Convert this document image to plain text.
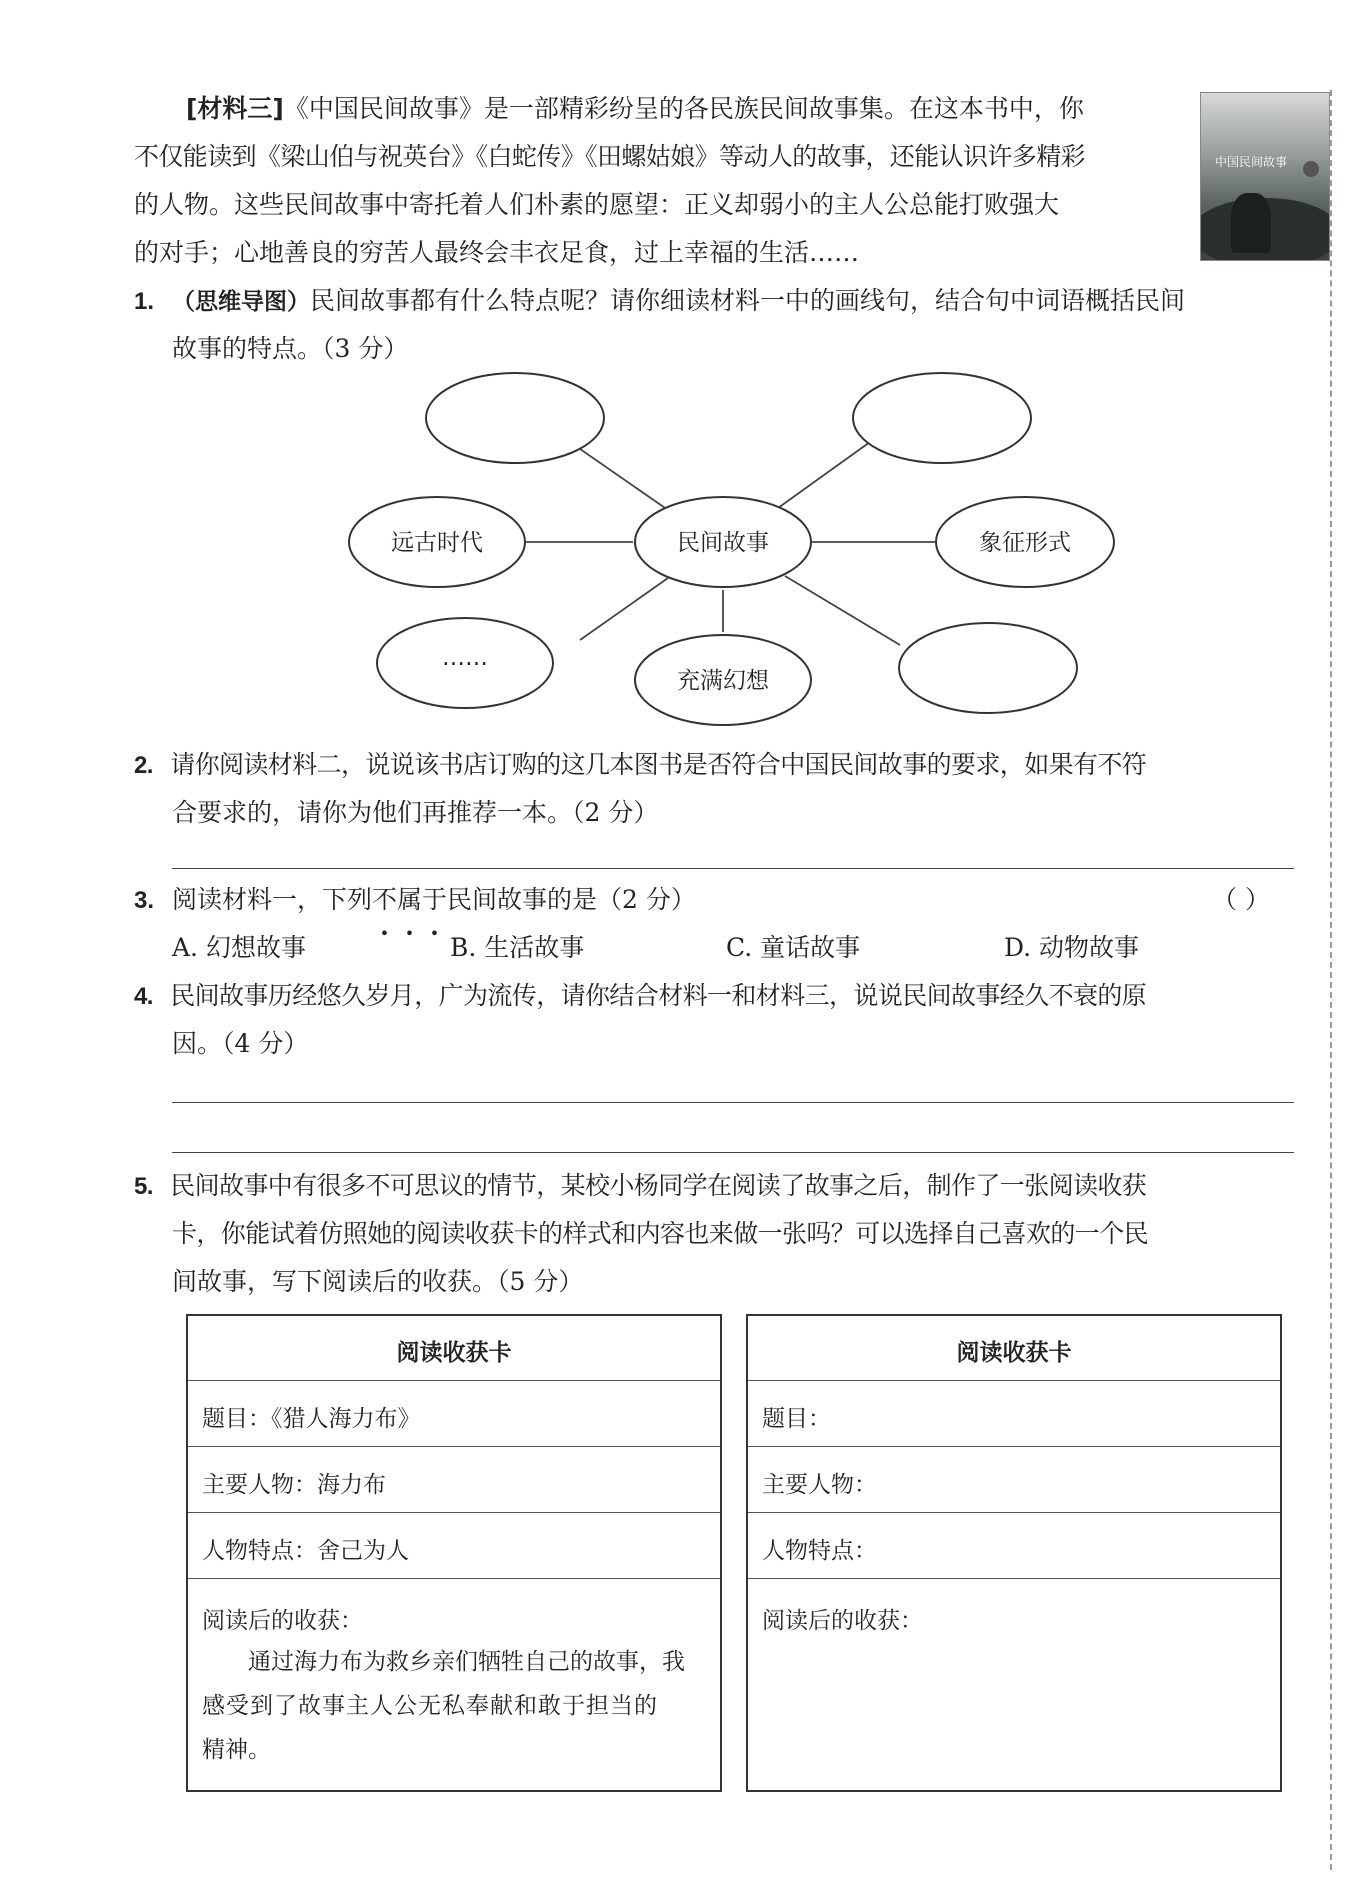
中国民间故事
[材料三]《中国民间故事》是一部精彩纷呈的各民族民间故事集。在这本书中，你
不仅能读到《梁山伯与祝英台》《白蛇传》《田螺姑娘》等动人的故事，还能认识许多精彩
的人物。这些民间故事中寄托着人们朴素的愿望：正义却弱小的主人公总能打败强大
的对手；心地善良的穷苦人最终会丰衣足食，过上幸福的生活……
1. （思维导图）民间故事都有什么特点呢？请你细读材料一中的画线句，结合句中词语概括民间
故事的特点。（3 分）
民间故事
远古时代	象征形式
充满幻想
……
2. 请你阅读材料二，说说该书店订购的这几本图书是否符合中国民间故事的要求，如果有不符
合要求的，请你为他们再推荐一本。（2 分）
3. 阅读材料一，下列不属于民间故事的是（2 分）	（ ）
A. 幻想故事	B. 生活故事	C. 童话故事	D. 动物故事
4. 民间故事历经悠久岁月，广为流传，请你结合材料一和材料三，说说民间故事经久不衰的原
因。（4 分）
5. 民间故事中有很多不可思议的情节，某校小杨同学在阅读了故事之后，制作了一张阅读收获
卡，你能试着仿照她的阅读收获卡的样式和内容也来做一张吗？可以选择自己喜欢的一个民
间故事，写下阅读后的收获。（5 分）
阅读收获卡
题目：《猎人海力布》
主要人物：海力布
人物特点：舍己为人
阅读后的收获：
通过海力布为救乡亲们牺牲自己的故事，我
感受到了故事主人公无私奉献和敢于担当的
精神。
阅读收获卡
题目：
主要人物：
人物特点：
阅读后的收获：
